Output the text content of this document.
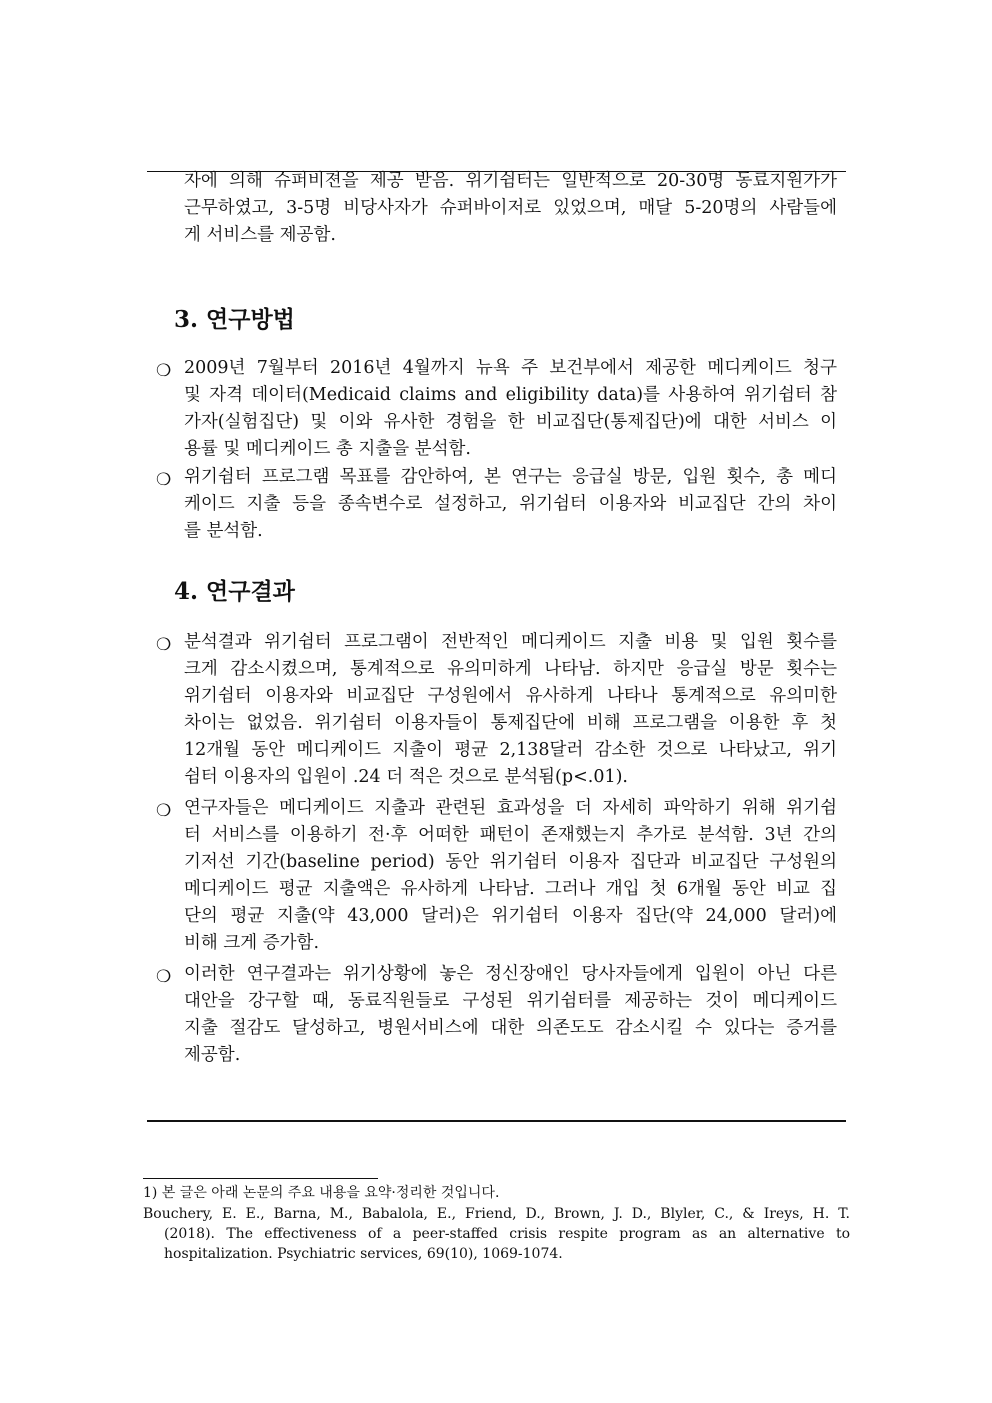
자에 의해 슈퍼비젼을 제공 받음. 위기쉼터는 일반적으로 20-30명 동료지원가가
근무하였고, 3-5명 비당사자가 슈퍼바이저로 있었으며, 매달 5-20명의 사람들에
게 서비스를 제공함.
3. 연구방법
❍ 2009년 7월부터 2016년 4월까지 뉴욕 주 보건부에서 제공한 메디케이드 청구
및 자격 데이터(Medicaid claims and eligibility data)를 사용하여 위기쉼터 참
가자(실험집단) 및 이와 유사한 경험을 한 비교집단(통제집단)에 대한 서비스 이
용률 및 메디케이드 총 지출을 분석함.
❍ 위기쉼터 프로그램 목표를 감안하여, 본 연구는 응급실 방문, 입원 횟수, 총 메디
케이드 지출 등을 종속변수로 설정하고, 위기쉼터 이용자와 비교집단 간의 차이
를 분석함.
4. 연구결과
❍ 분석결과 위기쉼터 프로그램이 전반적인 메디케이드 지출 비용 및 입원 횟수를
크게 감소시켰으며, 통계적으로 유의미하게 나타남. 하지만 응급실 방문 횟수는
위기쉼터 이용자와 비교집단 구성원에서 유사하게 나타나 통계적으로 유의미한
차이는 없었음. 위기쉼터 이용자들이 통제집단에 비해 프로그램을 이용한 후 첫
12개월 동안 메디케이드 지출이 평균 2,138달러 감소한 것으로 나타났고, 위기
쉼터 이용자의 입원이 .24 더 적은 것으로 분석됨(p<.01).
❍ 연구자들은 메디케이드 지출과 관련된 효과성을 더 자세히 파악하기 위해 위기쉼
터 서비스를 이용하기 전·후 어떠한 패턴이 존재했는지 추가로 분석함. 3년 간의
기저선 기간(baseline period) 동안 위기쉼터 이용자 집단과 비교집단 구성원의
메디케이드 평균 지출액은 유사하게 나타남. 그러나 개입 첫 6개월 동안 비교 집
단의 평균 지출(약 43,000 달러)은 위기쉼터 이용자 집단(약 24,000 달러)에
비해 크게 증가함.
❍ 이러한 연구결과는 위기상황에 놓은 정신장애인 당사자들에게 입원이 아닌 다른
대안을 강구할 때, 동료직원들로 구성된 위기쉼터를 제공하는 것이 메디케이드
지출 절감도 달성하고, 병원서비스에 대한 의존도도 감소시킬 수 있다는 증거를
제공함.

1) 본 글은 아래 논문의 주요 내용을 요약·정리한 것입니다.

Bouchery, E. E., Barna, M., Babalola, E., Friend, D., Brown, J. D., Blyler, C., & Ireys, H. T.
(2018). The effectiveness of a peer-staffed crisis respite program as an alternative to
hospitalization. Psychiatric services, 69(10), 1069-1074.
